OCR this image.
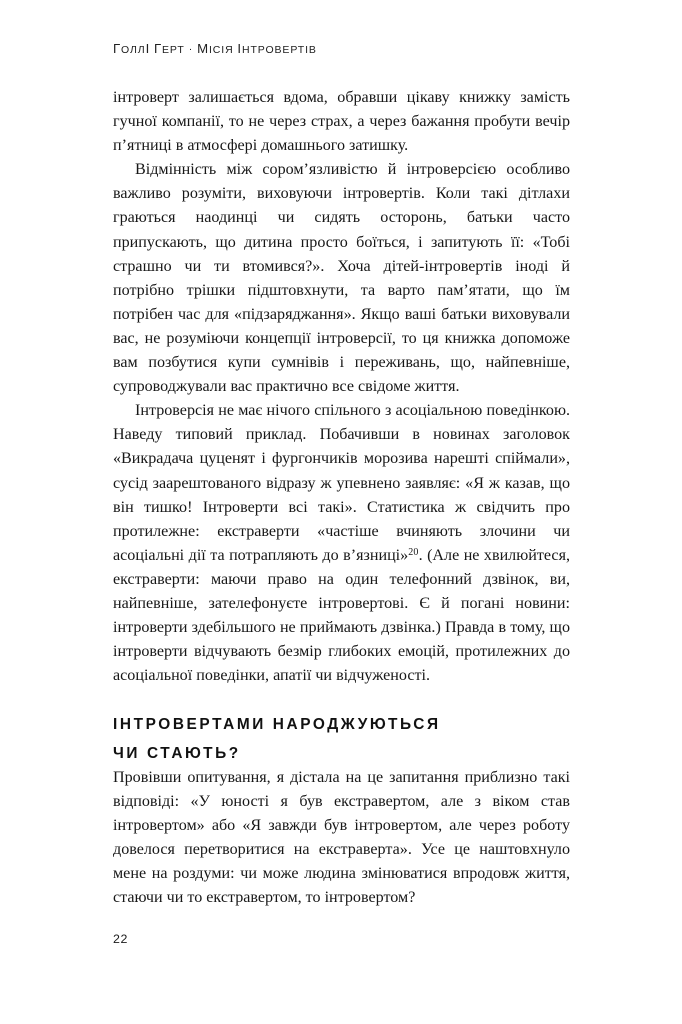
ГОЛЛІ ГЕРТ · МІСІЯ ІНТРОВЕРТІВ

інтроверт залишається вдома, обравши цікаву книжку замість гучної компанії, то не через страх, а через бажання пробути вечір п’ятниці в атмосфері домашнього затишку.

Відмінність між сором’язливістю й інтроверсією особливо важливо розуміти, виховуючи інтровертів. Коли такі дітлахи граються наодинці чи сидять осторонь, батьки часто припускають, що дитина просто боїться, і запитують її: «Тобі страшно чи ти втомився?». Хоча дітей-інтровертів іноді й потрібно трішки підштовхнути, та варто пам’ятати, що їм потрібен час для «підзаряджання». Якщо ваші батьки виховували вас, не розуміючи концепції інтроверсії, то ця книжка допоможе вам позбутися купи сумнівів і переживань, що, найпевніше, супроводжували вас практично все свідоме життя.

Інтроверсія не має нічого спільного з асоціальною поведінкою. Наведу типовий приклад. Побачивши в новинах заголовок «Викрадача цуценят і фургончиків морозива нарешті спіймали», сусід заарештованого відразу ж упевнено заявляє: «Я ж казав, що він тишко! Інтроверти всі такі». Статистика ж свідчить про протилежне: екстраверти «частіше вчиняють злочини чи асоціальні дії та потрапляють до в’язниці»$^{20}$. (Але не хвилюйтеся, екстраверти: маючи право на один телефонний дзвінок, ви, найпевніше, зателефонуєте інтровертові. Є й погані новини: інтроверти здебільшого не приймають дзвінка.) Правда в тому, що інтроверти відчувають безмір глибоких емоцій, протилежних до асоціальної поведінки, апатії чи відчуженості.

ІНТРОВЕРТАМИ НАРОДЖУЮТЬСЯ
ЧИ СТАЮТЬ?

Провівши опитування, я дістала на це запитання приблизно такі відповіді: «У юності я був екстравертом, але з віком став інтровертом» або «Я завжди був інтровертом, але через роботу довелося перетворитися на екстраверта». Усе це наштовхнуло мене на роздуми: чи може людина змінюватися впродовж життя, стаючи чи то екстравертом, то інтровертом?

22
